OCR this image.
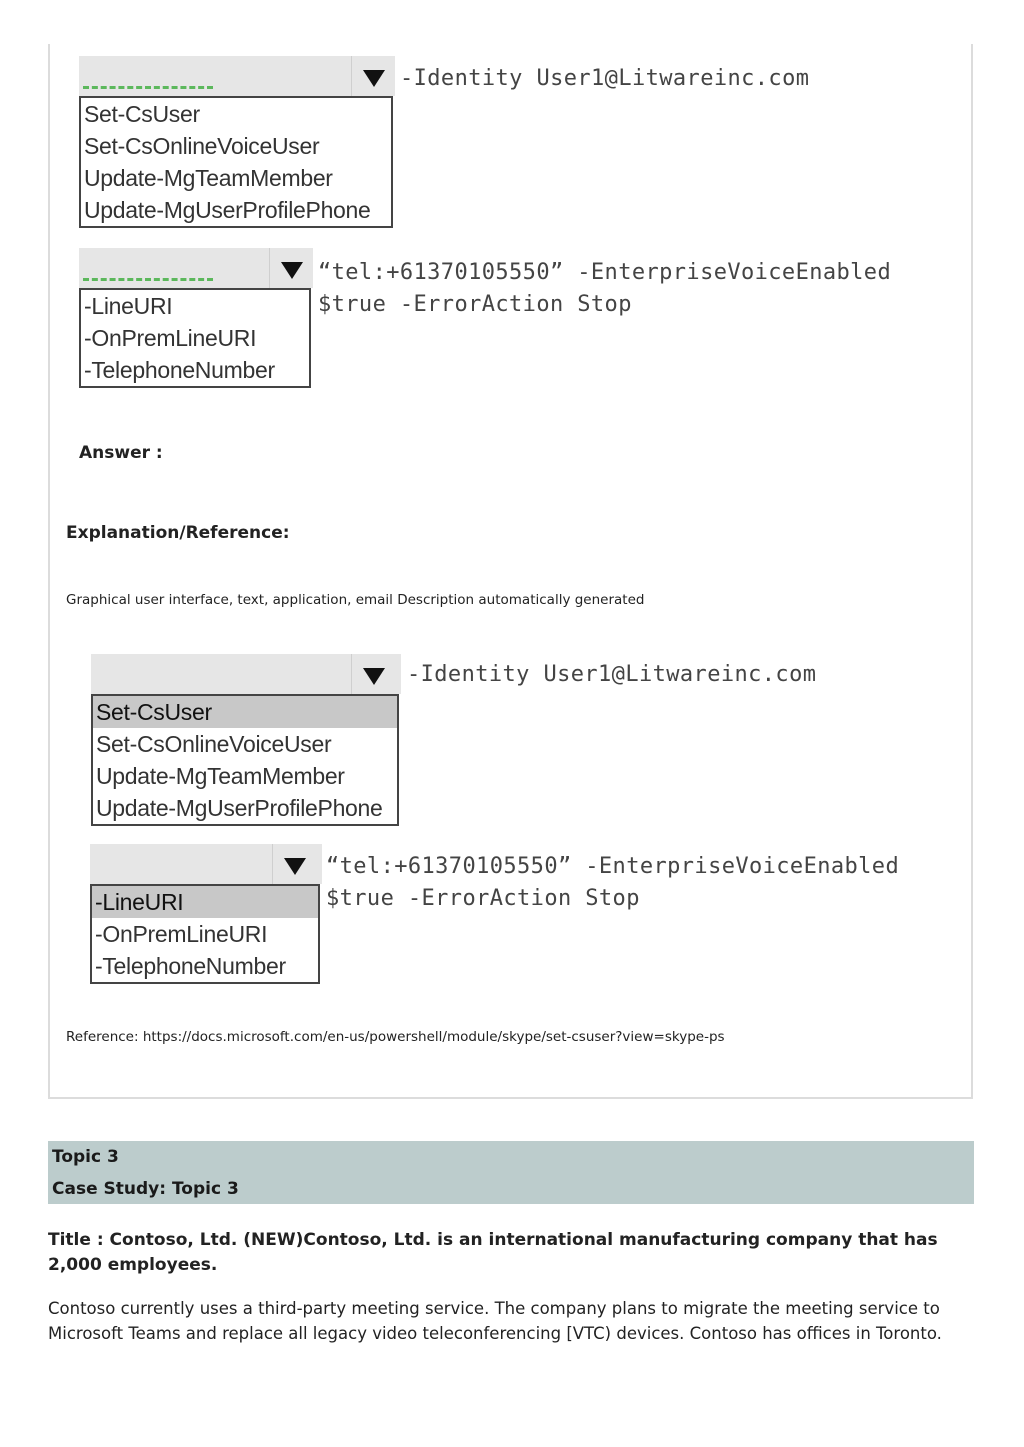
Set-CsUser
Set-CsOnlineVoiceUser
Update-MgTeamMember
Update-MgUserProfilePhone
-Identity User1@Litwareinc.com
-LineURI
-OnPremLineURI
-TelephoneNumber
“tel:+61370105550” -EnterpriseVoiceEnabled
$true -ErrorAction Stop
Answer :
Explanation/Reference:
Graphical user interface, text, application, email Description automatically generated
Set-CsUser
Set-CsOnlineVoiceUser
Update-MgTeamMember
Update-MgUserProfilePhone
-Identity User1@Litwareinc.com
-LineURI
-OnPremLineURI
-TelephoneNumber
“tel:+61370105550” -EnterpriseVoiceEnabled
$true -ErrorAction Stop
Reference: https://docs.microsoft.com/en-us/powershell/module/skype/set-csuser?view=skype-ps
Topic 3
Case Study: Topic 3
Title : Contoso, Ltd. (NEW)Contoso, Ltd. is an international manufacturing company that has 2,000 employees.
Contoso currently uses a third-party meeting service. The company plans to migrate the meeting service to Microsoft Teams and replace all legacy video teleconferencing [VTC) devices. Contoso has offices in Toronto.
